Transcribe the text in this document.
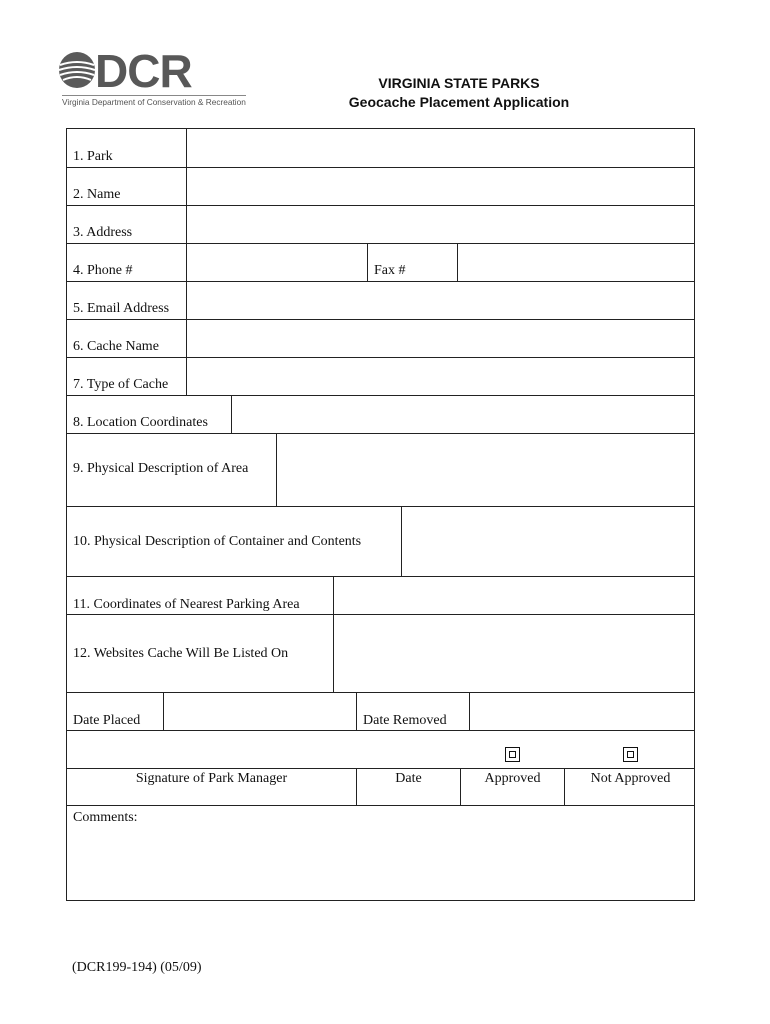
DCR
Virginia Department of Conservation & Recreation
VIRGINIA STATE PARKS
Geocache Placement Application
1. Park
2. Name
3. Address
4. Phone #	Fax #
5. Email Address
6. Cache Name
7. Type of Cache
8. Location Coordinates
9. Physical Description of Area
10. Physical Description of Container and Contents
11. Coordinates of Nearest Parking Area
12. Websites Cache Will Be Listed On
Date Placed	Date Removed
Signature of Park Manager	Date	Approved	Not Approved
Comments:
(DCR199-194) (05/09)
